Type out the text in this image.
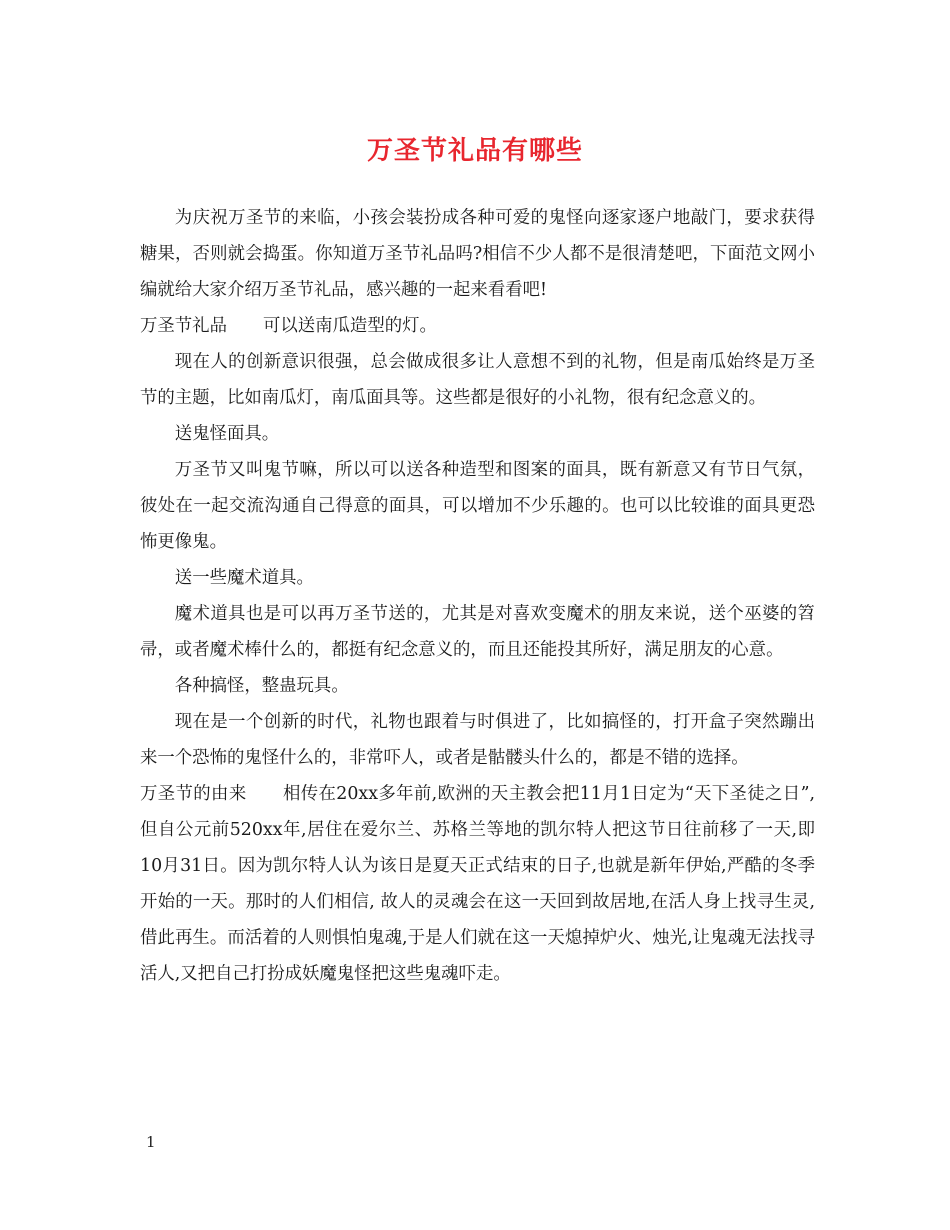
万圣节礼品有哪些

为庆祝万圣节的来临，小孩会装扮成各种可爱的鬼怪向逐家逐户地敲门，要求获得糖果，否则就会捣蛋。你知道万圣节礼品吗?相信不少人都不是很清楚吧，下面范文网小编就给大家介绍万圣节礼品，感兴趣的一起来看看吧!

万圣节礼品 可以送南瓜造型的灯。

现在人的创新意识很强，总会做成很多让人意想不到的礼物，但是南瓜始终是万圣节的主题，比如南瓜灯，南瓜面具等。这些都是很好的小礼物，很有纪念意义的。

送鬼怪面具。

万圣节又叫鬼节嘛，所以可以送各种造型和图案的面具，既有新意又有节日气氛，彼处在一起交流沟通自己得意的面具，可以增加不少乐趣的。也可以比较谁的面具更恐怖更像鬼。

送一些魔术道具。

魔术道具也是可以再万圣节送的，尤其是对喜欢变魔术的朋友来说，送个巫婆的笤帚，或者魔术棒什么的，都挺有纪念意义的，而且还能投其所好，满足朋友的心意。

各种搞怪，整蛊玩具。

现在是一个创新的时代，礼物也跟着与时俱进了，比如搞怪的，打开盒子突然蹦出来一个恐怖的鬼怪什么的，非常吓人，或者是骷髅头什么的，都是不错的选择。

万圣节的由来 相传在20xx多年前,欧洲的天主教会把11月1日定为“天下圣徒之日”,但自公元前520xx年,居住在爱尔兰、苏格兰等地的凯尔特人把这节日往前移了一天,即10月31日。因为凯尔特人认为该日是夏天正式结束的日子,也就是新年伊始,严酷的冬季开始的一天。那时的人们相信, 故人的灵魂会在这一天回到故居地,在活人身上找寻生灵,借此再生。而活着的人则惧怕鬼魂,于是人们就在这一天熄掉炉火、烛光,让鬼魂无法找寻活人,又把自己打扮成妖魔鬼怪把这些鬼魂吓走。

1
